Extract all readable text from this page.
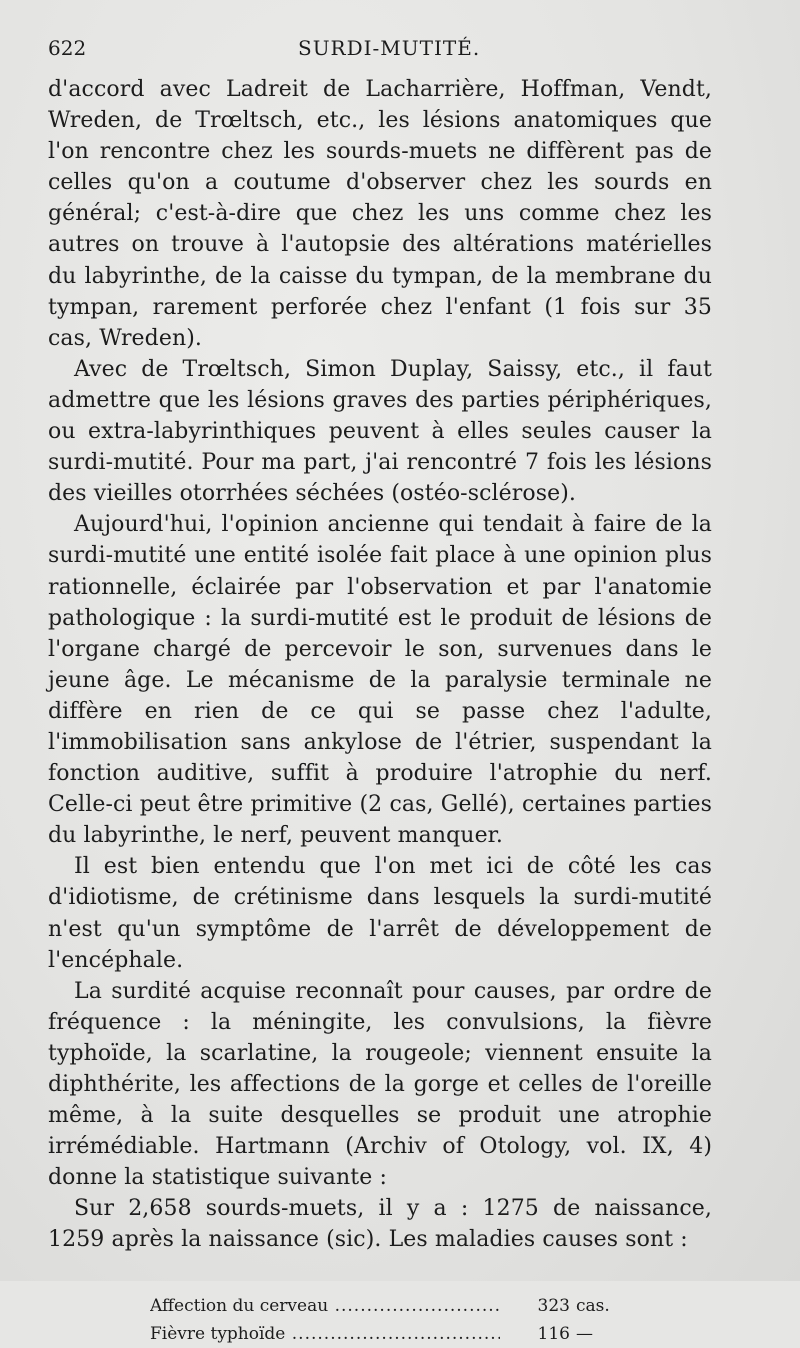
622	SURDI-MUTITÉ.

d'accord avec Ladreit de Lacharrière, Hoffman, Vendt, Wreden, de Trœltsch, etc., les lésions anatomiques que l'on rencontre chez les sourds-muets ne diffèrent pas de celles qu'on a coutume d'observer chez les sourds en général; c'est-à-dire que chez les uns comme chez les autres on trouve à l'autopsie des altérations matérielles du labyrinthe, de la caisse du tympan, de la membrane du tympan, rarement perforée chez l'enfant (1 fois sur 35 cas, Wreden).

Avec de Trœltsch, Simon Duplay, Saissy, etc., il faut admettre que les lésions graves des parties périphériques, ou extra-labyrinthiques peuvent à elles seules causer la surdi-mutité. Pour ma part, j'ai rencontré 7 fois les lésions des vieilles otorrhées séchées (ostéo-sclérose).

Aujourd'hui, l'opinion ancienne qui tendait à faire de la surdi-mutité une entité isolée fait place à une opinion plus rationnelle, éclairée par l'observation et par l'anatomie pathologique : la surdi-mutité est le produit de lésions de l'organe chargé de percevoir le son, survenues dans le jeune âge. Le mécanisme de la paralysie terminale ne diffère en rien de ce qui se passe chez l'adulte, l'immobilisation sans ankylose de l'étrier, suspendant la fonction auditive, suffit à produire l'atrophie du nerf. Celle-ci peut être primitive (2 cas, Gellé), certaines parties du labyrinthe, le nerf, peuvent manquer.

Il est bien entendu que l'on met ici de côté les cas d'idiotisme, de crétinisme dans lesquels la surdi-mutité n'est qu'un symptôme de l'arrêt de développement de l'encéphale.

La surdité acquise reconnaît pour causes, par ordre de fréquence : la méningite, les convulsions, la fièvre typhoïde, la scarlatine, la rougeole; viennent ensuite la diphthérite, les affections de la gorge et celles de l'oreille même, à la suite desquelles se produit une atrophie irrémédiable. Hartmann (Archiv of Otology, vol. IX, 4) donne la statistique suivante :

Sur 2,658 sourds-muets, il y a : 1275 de naissance, 1259 après la naissance (sic). Les maladies causes sont :

Affection du cerveau .....	323 cas.
Fièvre typhoïde .....	116 —
